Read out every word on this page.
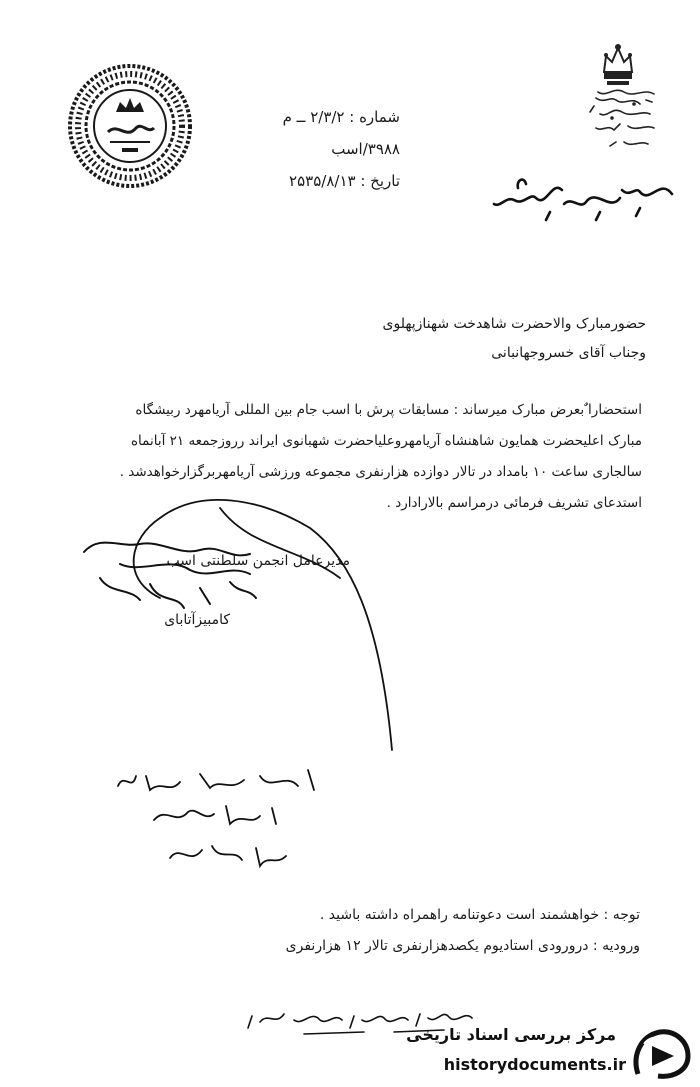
شماره : ۲/۳/۲ ــ م
۳۹۸۸/اسب
تاریخ : ۲۵۳۵/۸/۱۳
حضورمبارک والاحضرت شاهدخت شهنازپهلوی
وجناب آقای خسروجهانبانی

استحضارا ٌبعرض مبارک میرساند : مسابقات پرش با اسب جام بین المللی آریامهرد ربیشگاه

مبارک اعلیحضرت همایون شاهنشاه آریامهروعلیاحضرت شهبانوی ایراند رروزجمعه ۲۱ آبانماه

سالجاری ساعت ۱۰ بامداد در تالار دوازده هزارنفری مجموعه ورزشی آریامهربرگزارخواهدشد .

استدعای تشریف فرمائی درمراسم بالارادارد .

مدیرعامل انجمن سلطنتی اسب
کامبیزآتابای
توجه : خواهشمند است دعوتنامه راهمراه داشته باشید .
ورودیه : درورودی استادیوم یکصدهزارنفری تالار ۱۲ هزارنفری
مرکز بررسی اسناد تاریخی
historydocuments.ir
